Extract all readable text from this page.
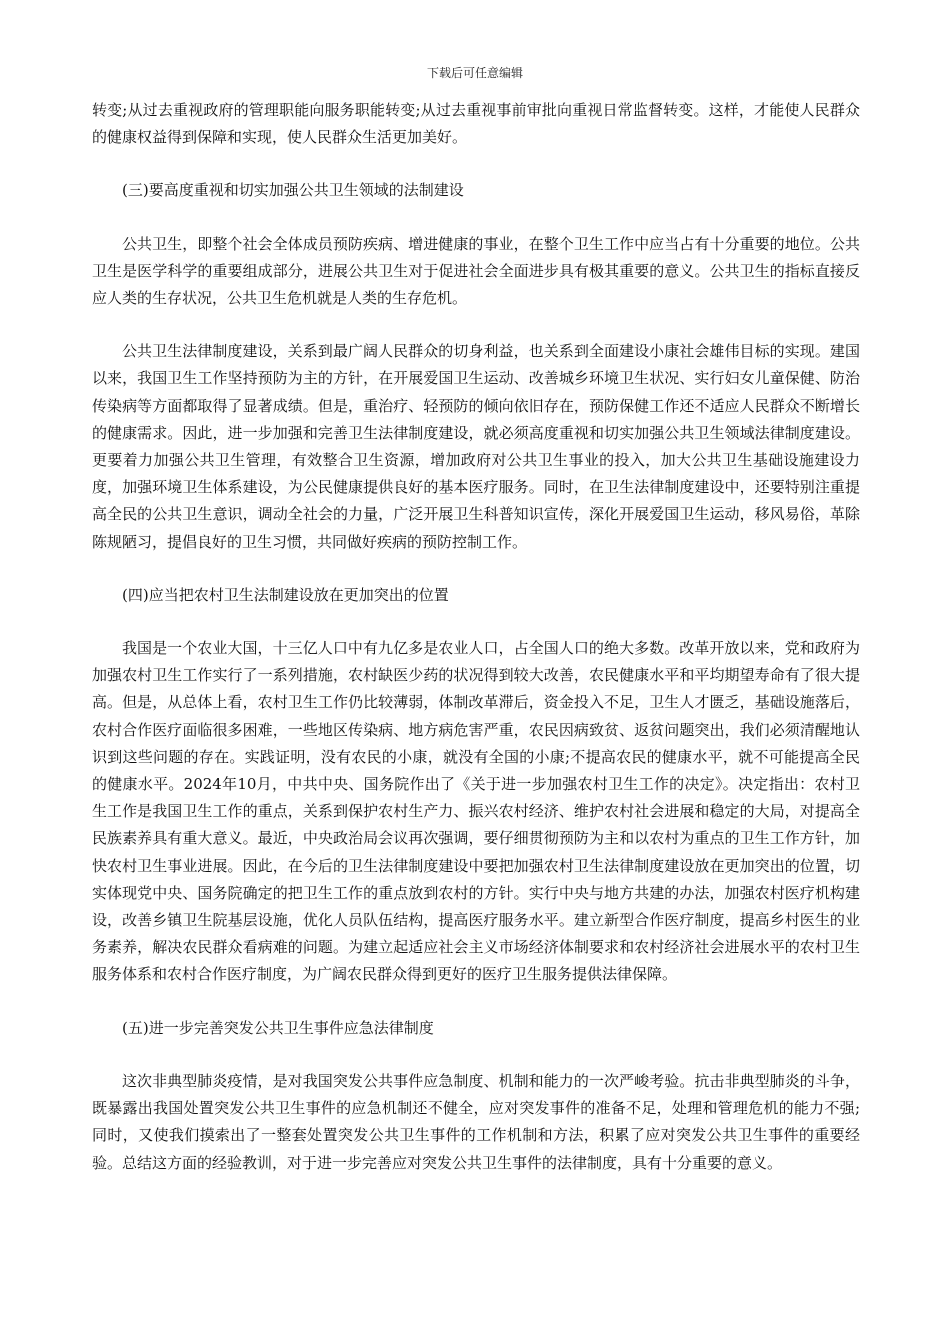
下载后可任意编辑

转变;从过去重视政府的管理职能向服务职能转变;从过去重视事前审批向重视日常监督转变。这样，才能使人民群众的健康权益得到保障和实现，使人民群众生活更加美好。

(三)要高度重视和切实加强公共卫生领域的法制建设

公共卫生，即整个社会全体成员预防疾病、增进健康的事业，在整个卫生工作中应当占有十分重要的地位。公共卫生是医学科学的重要组成部分，进展公共卫生对于促进社会全面进步具有极其重要的意义。公共卫生的指标直接反应人类的生存状况，公共卫生危机就是人类的生存危机。

公共卫生法律制度建设，关系到最广阔人民群众的切身利益，也关系到全面建设小康社会雄伟目标的实现。建国以来，我国卫生工作坚持预防为主的方针，在开展爱国卫生运动、改善城乡环境卫生状况、实行妇女儿童保健、防治传染病等方面都取得了显著成绩。但是，重治疗、轻预防的倾向依旧存在，预防保健工作还不适应人民群众不断增长的健康需求。因此，进一步加强和完善卫生法律制度建设，就必须高度重视和切实加强公共卫生领域法律制度建设。更要着力加强公共卫生管理，有效整合卫生资源，增加政府对公共卫生事业的投入，加大公共卫生基础设施建设力度，加强环境卫生体系建设，为公民健康提供良好的基本医疗服务。同时，在卫生法律制度建设中，还要特别注重提高全民的公共卫生意识，调动全社会的力量，广泛开展卫生科普知识宣传，深化开展爱国卫生运动，移风易俗，革除陈规陋习，提倡良好的卫生习惯，共同做好疾病的预防控制工作。

(四)应当把农村卫生法制建设放在更加突出的位置

我国是一个农业大国，十三亿人口中有九亿多是农业人口，占全国人口的绝大多数。改革开放以来，党和政府为加强农村卫生工作实行了一系列措施，农村缺医少药的状况得到较大改善，农民健康水平和平均期望寿命有了很大提高。但是，从总体上看，农村卫生工作仍比较薄弱，体制改革滞后，资金投入不足，卫生人才匮乏，基础设施落后，农村合作医疗面临很多困难，一些地区传染病、地方病危害严重，农民因病致贫、返贫问题突出，我们必须清醒地认识到这些问题的存在。实践证明，没有农民的小康，就没有全国的小康;不提高农民的健康水平，就不可能提高全民的健康水平。2024年10月，中共中央、国务院作出了《关于进一步加强农村卫生工作的决定》。决定指出：农村卫生工作是我国卫生工作的重点，关系到保护农村生产力、振兴农村经济、维护农村社会进展和稳定的大局，对提高全民族素养具有重大意义。最近，中央政治局会议再次强调，要仔细贯彻预防为主和以农村为重点的卫生工作方针，加快农村卫生事业进展。因此，在今后的卫生法律制度建设中要把加强农村卫生法律制度建设放在更加突出的位置，切实体现党中央、国务院确定的把卫生工作的重点放到农村的方针。实行中央与地方共建的办法，加强农村医疗机构建设，改善乡镇卫生院基层设施，优化人员队伍结构，提高医疗服务水平。建立新型合作医疗制度，提高乡村医生的业务素养，解决农民群众看病难的问题。为建立起适应社会主义市场经济体制要求和农村经济社会进展水平的农村卫生服务体系和农村合作医疗制度，为广阔农民群众得到更好的医疗卫生服务提供法律保障。

(五)进一步完善突发公共卫生事件应急法律制度

这次非典型肺炎疫情，是对我国突发公共事件应急制度、机制和能力的一次严峻考验。抗击非典型肺炎的斗争，既暴露出我国处置突发公共卫生事件的应急机制还不健全，应对突发事件的准备不足，处理和管理危机的能力不强;同时，又使我们摸索出了一整套处置突发公共卫生事件的工作机制和方法，积累了应对突发公共卫生事件的重要经验。总结这方面的经验教训，对于进一步完善应对突发公共卫生事件的法律制度，具有十分重要的意义。
